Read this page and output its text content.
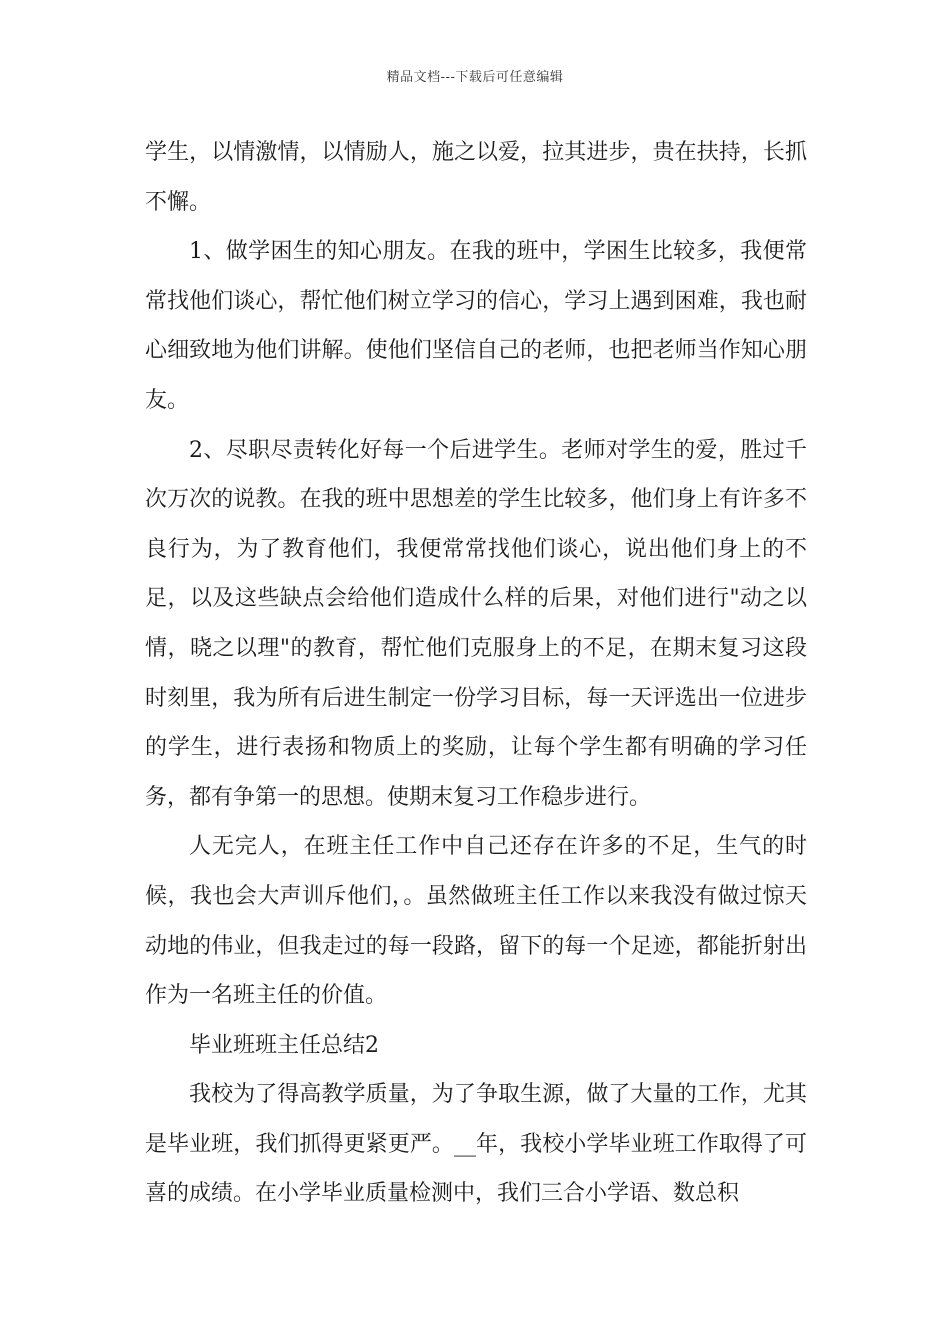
精品文档---下载后可任意编辑

学生，以情激情，以情励人，施之以爱，拉其进步，贵在扶持，长抓不懈。

1、做学困生的知心朋友。在我的班中，学困生比较多，我便常常找他们谈心，帮忙他们树立学习的信心，学习上遇到困难，我也耐心细致地为他们讲解。使他们坚信自己的老师，也把老师当作知心朋友。

2、尽职尽责转化好每一个后进学生。老师对学生的爱，胜过千次万次的说教。在我的班中思想差的学生比较多，他们身上有许多不良行为，为了教育他们，我便常常找他们谈心，说出他们身上的不足，以及这些缺点会给他们造成什么样的后果，对他们进行"动之以情，晓之以理"的教育，帮忙他们克服身上的不足，在期末复习这段时刻里，我为所有后进生制定一份学习目标，每一天评选出一位进步的学生，进行表扬和物质上的奖励，让每个学生都有明确的学习任务，都有争第一的思想。使期末复习工作稳步进行。

人无完人，在班主任工作中自己还存在许多的不足，生气的时候，我也会大声训斥他们，。虽然做班主任工作以来我没有做过惊天动地的伟业，但我走过的每一段路，留下的每一个足迹，都能折射出作为一名班主任的价值。

毕业班班主任总结2

我校为了得高教学质量，为了争取生源，做了大量的工作，尤其是毕业班，我们抓得更紧更严。__年，我校小学毕业班工作取得了可喜的成绩。在小学毕业质量检测中，我们三合小学语、数总积
